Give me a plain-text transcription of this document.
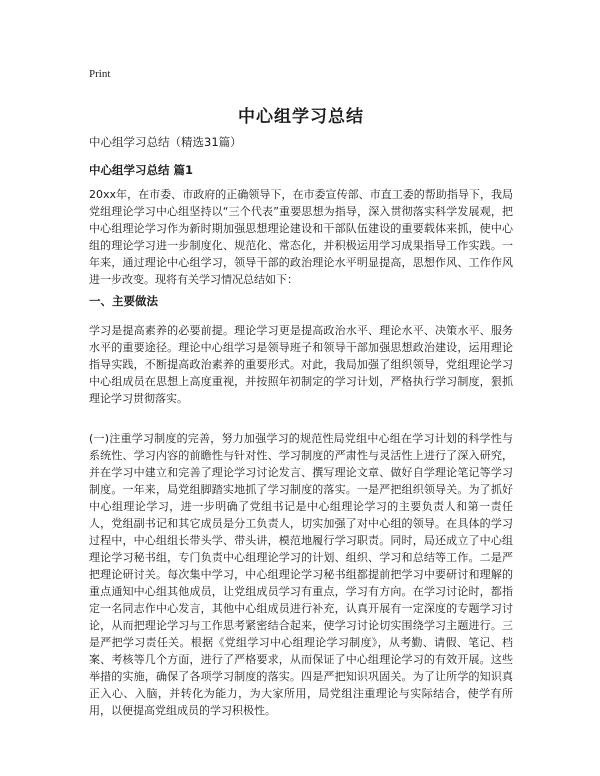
Print
中心组学习总结

中心组学习总结（精选31篇）

中心组学习总结 篇1

20xx年，在市委、市政府的正确领导下，在市委宣传部、市直工委的帮助指导下，我局党组理论学习中心组坚持以“三个代表”重要思想为指导，深入贯彻落实科学发展观，把中心组理论学习作为新时期加强思想理论建设和干部队伍建设的重要载体来抓，使中心组的理论学习进一步制度化、规范化、常态化，并积极运用学习成果指导工作实践。一年来，通过理论中心组学习，领导干部的政治理论水平明显提高，思想作风、工作作风进一步改变。现将有关学习情况总结如下：

一、主要做法

学习是提高素养的必要前提。理论学习更是提高政治水平、理论水平、决策水平、服务水平的重要途径。理论中心组学习是领导班子和领导干部加强思想政治建设，运用理论指导实践，不断提高政治素养的重要形式。对此，我局加强了组织领导，党组理论学习中心组成员在思想上高度重视，并按照年初制定的学习计划，严格执行学习制度，狠抓理论学习贯彻落实。

(一)注重学习制度的完善，努力加强学习的规范性局党组中心组在学习计划的科学性与系统性、学习内容的前瞻性与针对性、学习制度的严肃性与灵活性上进行了深入研究，并在学习中建立和完善了理论学习讨论发言、撰写理论文章、做好自学理论笔记等学习制度。一年来，局党组脚踏实地抓了学习制度的落实。一是严把组织领导关。为了抓好中心组理论学习，进一步明确了党组书记是中心组理论学习的主要负责人和第一责任人，党组副书记和其它成员是分工负责人，切实加强了对中心组的领导。在具体的学习过程中，中心组组长带头学、带头讲，模范地履行学习职责。同时，局还成立了中心组理论学习秘书组，专门负责中心组理论学习的计划、组织、学习和总结等工作。二是严把理论研讨关。每次集中学习，中心组理论学习秘书组都提前把学习中要研讨和理解的重点通知中心组其他成员，让党组成员学习有重点，学习有方向。在学习讨论时，都指定一名同志作中心发言，其他中心组成员进行补充，认真开展有一定深度的专题学习讨论，从而把理论学习与工作思考紧密结合起来，使学习讨论切实围绕学习主题进行。三是严把学习责任关。根据《党组学习中心组理论学习制度》，从考勤、请假、笔记、档案、考核等几个方面，进行了严格要求，从而保证了中心组理论学习的有效开展。这些举措的实施，确保了各项学习制度的落实。四是严把知识巩固关。为了让所学的知识真正入心、入脑，并转化为能力，为大家所用，局党组注重理论与实际结合，使学有所用，以便提高党组成员的学习积极性。
